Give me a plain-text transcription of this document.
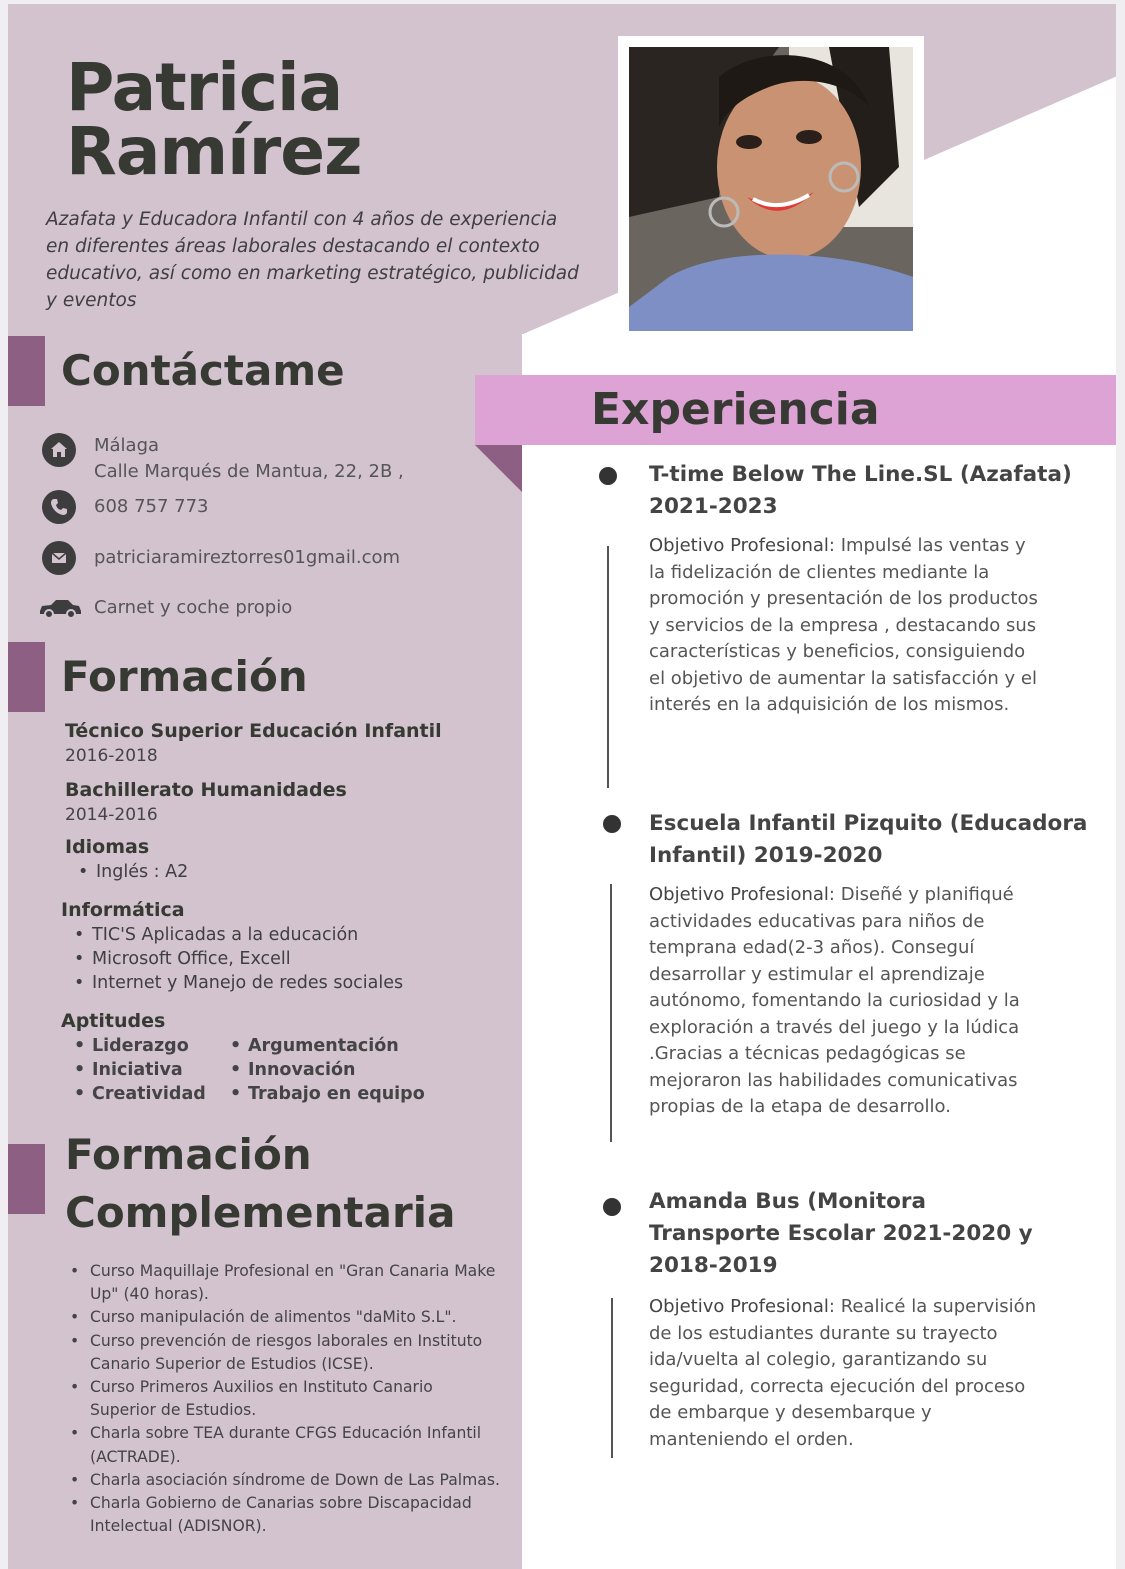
Patricia
Ramírez
Azafata y Educadora Infantil con 4 años de experiencia en diferentes áreas laborales destacando el contexto educativo, así como en marketing estratégico, publicidad y eventos
Contáctame
Málaga
Calle Marqués de Mantua, 22, 2B ,
608 757 773
patriciaramireztorres01gmail.com
Carnet y coche propio
Formación
Técnico Superior Educación Infantil
2016-2018
Bachillerato Humanidades
2014-2016
Idiomas
• Inglés : A2
Informática
• TIC'S Aplicadas a la educación
• Microsoft Office, Excell
• Internet y Manejo de redes sociales
Aptitudes
• Liderazgo
• Iniciativa
• Creatividad
• Argumentación
• Innovación
• Trabajo en equipo
Formación
Complementaria
• Curso Maquillaje Profesional en "Gran Canaria Make Up" (40 horas).
• Curso manipulación de alimentos "daMito S.L".
• Curso prevención de riesgos laborales en Instituto Canario Superior de Estudios (ICSE).
• Curso Primeros Auxilios en Instituto Canario Superior de Estudios.
• Charla sobre TEA durante CFGS Educación Infantil (ACTRADE).
• Charla asociación síndrome de Down de Las Palmas.
• Charla Gobierno de Canarias sobre Discapacidad Intelectual (ADISNOR).
Experiencia
T-time Below The Line.SL (Azafata) 2021-2023
Objetivo Profesional: Impulsé las ventas y la fidelización de clientes mediante la promoción y presentación de los productos y servicios de la empresa , destacando sus características y beneficios, consiguiendo el objetivo de aumentar la satisfacción y el interés en la adquisición de los mismos.
Escuela Infantil Pizquito (Educadora Infantil) 2019-2020
Objetivo Profesional: Diseñé y planifiqué actividades educativas para niños de temprana edad(2-3 años). Conseguí desarrollar y estimular el aprendizaje autónomo, fomentando la curiosidad y la exploración a través del juego y la lúdica .Gracias a técnicas pedagógicas se mejoraron las habilidades comunicativas propias de la etapa de desarrollo.
Amanda Bus (Monitora Transporte Escolar 2021-2020 y 2018-2019
Objetivo Profesional: Realicé la supervisión de los estudiantes durante su trayecto ida/vuelta al colegio, garantizando su seguridad, correcta ejecución del proceso de embarque y desembarque y manteniendo el orden.
